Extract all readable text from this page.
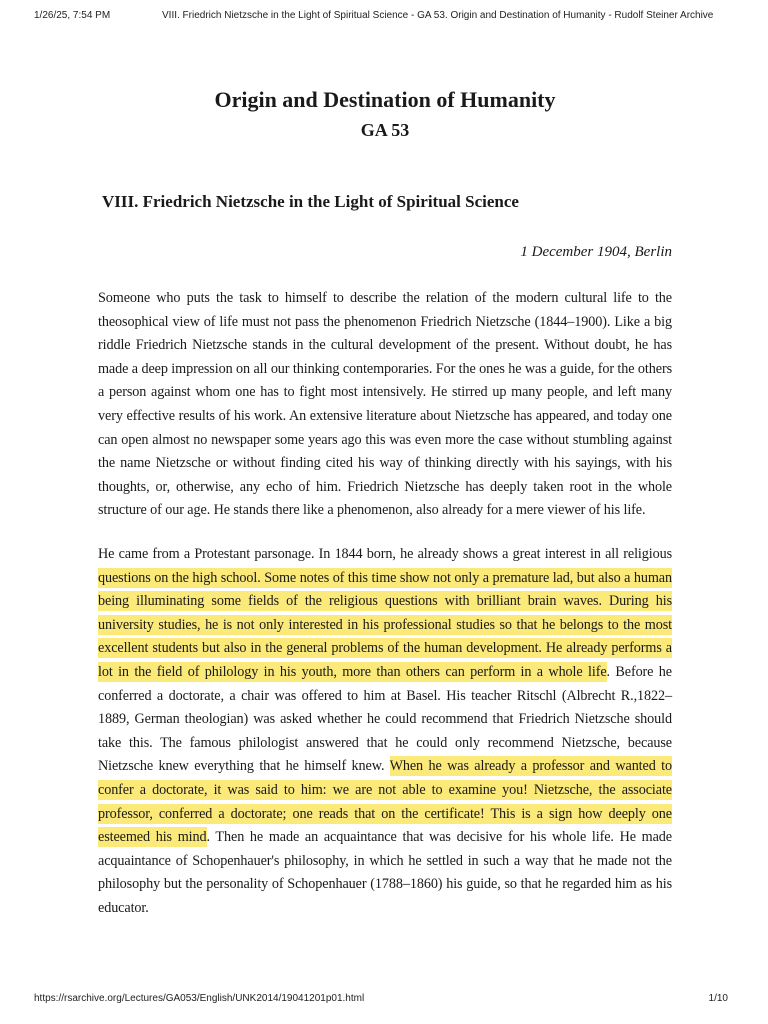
1/26/25, 7:54 PM	VIII. Friedrich Nietzsche in the Light of Spiritual Science - GA 53. Origin and Destination of Humanity - Rudolf Steiner Archive
Origin and Destination of Humanity
GA 53
VIII. Friedrich Nietzsche in the Light of Spiritual Science
1 December 1904, Berlin

Someone who puts the task to himself to describe the relation of the modern cultural life to the theosophical view of life must not pass the phenomenon Friedrich Nietzsche (1844–1900). Like a big riddle Friedrich Nietzsche stands in the cultural development of the present. Without doubt, he has made a deep impression on all our thinking contemporaries. For the ones he was a guide, for the others a person against whom one has to fight most intensively. He stirred up many people, and left many very effective results of his work. An extensive literature about Nietzsche has appeared, and today one can open almost no newspaper some years ago this was even more the case without stumbling against the name Nietzsche or without finding cited his way of thinking directly with his sayings, with his thoughts, or, otherwise, any echo of him. Friedrich Nietzsche has deeply taken root in the whole structure of our age. He stands there like a phenomenon, also already for a mere viewer of his life.

He came from a Protestant parsonage. In 1844 born, he already shows a great interest in all religious questions on the high school. Some notes of this time show not only a premature lad, but also a human being illuminating some fields of the religious questions with brilliant brain waves. During his university studies, he is not only interested in his professional studies so that he belongs to the most excellent students but also in the general problems of the human development. He already performs a lot in the field of philology in his youth, more than others can perform in a whole life. Before he conferred a doctorate, a chair was offered to him at Basel. His teacher Ritschl (Albrecht R.,1822–1889, German theologian) was asked whether he could recommend that Friedrich Nietzsche should take this. The famous philologist answered that he could only recommend Nietzsche, because Nietzsche knew everything that he himself knew. When he was already a professor and wanted to confer a doctorate, it was said to him: we are not able to examine you! Nietzsche, the associate professor, conferred a doctorate; one reads that on the certificate! This is a sign how deeply one esteemed his mind. Then he made an acquaintance that was decisive for his whole life. He made acquaintance of Schopenhauer's philosophy, in which he settled in such a way that he made not the philosophy but the personality of Schopenhauer (1788–1860) his guide, so that he regarded him as his educator.

https://rsarchive.org/Lectures/GA053/English/UNK2014/19041201p01.html	1/10
